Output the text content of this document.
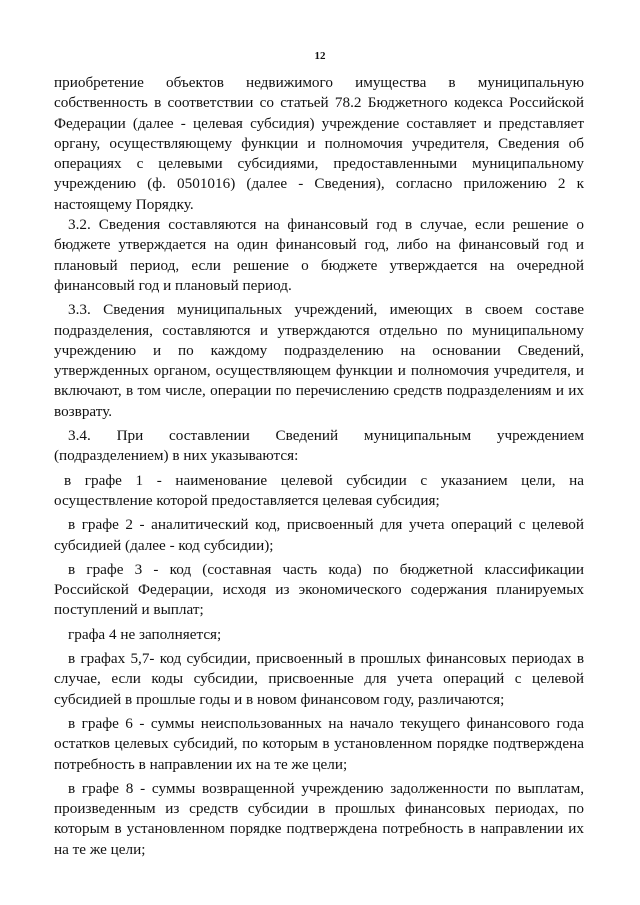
12

приобретение объектов недвижимого имущества в муниципальную собственность в соответствии со статьей 78.2 Бюджетного кодекса Российской Федерации (далее - целевая субсидия) учреждение составляет и представляет органу, осуществляющему функции и полномочия учредителя, Сведения об операциях с целевыми субсидиями, предоставленными муниципальному учреждению (ф. 0501016) (далее - Сведения), согласно приложению 2 к настоящему Порядку.

3.2. Сведения составляются на финансовый год в случае, если решение о бюджете утверждается на один финансовый год, либо на финансовый год и плановый период, если решение о бюджете утверждается на очередной финансовый год и плановый период.

3.3. Сведения муниципальных учреждений, имеющих в своем составе подразделения, составляются и утверждаются отдельно по муниципальному учреждению и по каждому подразделению на основании Сведений, утвержденных органом, осуществляющем функции и полномочия учредителя, и включают, в том числе, операции по перечислению средств подразделениям и их возврату.

3.4. При составлении Сведений муниципальным учреждением (подразделением) в них указываются:

в графе 1 - наименование целевой субсидии с указанием цели, на осуществление которой предоставляется целевая субсидия;

в графе 2 - аналитический код, присвоенный для учета операций с целевой субсидией (далее - код субсидии);

в графе 3 - код (составная часть кода) по бюджетной классификации Российской Федерации, исходя из экономического содержания планируемых поступлений и выплат;

графа 4 не заполняется;

в графах 5,7- код субсидии, присвоенный в прошлых финансовых периодах в случае, если коды субсидии, присвоенные для учета операций с целевой субсидией в прошлые годы и в новом финансовом году, различаются;

в графе 6 - суммы неиспользованных на начало текущего финансового года остатков целевых субсидий, по которым в установленном порядке подтверждена потребность в направлении их на те же цели;

в графе 8 - суммы возвращенной учреждению задолженности по выплатам, произведенным из средств субсидии в прошлых финансовых периодах, по которым в установленном порядке подтверждена потребность в направлении их на те же цели;
